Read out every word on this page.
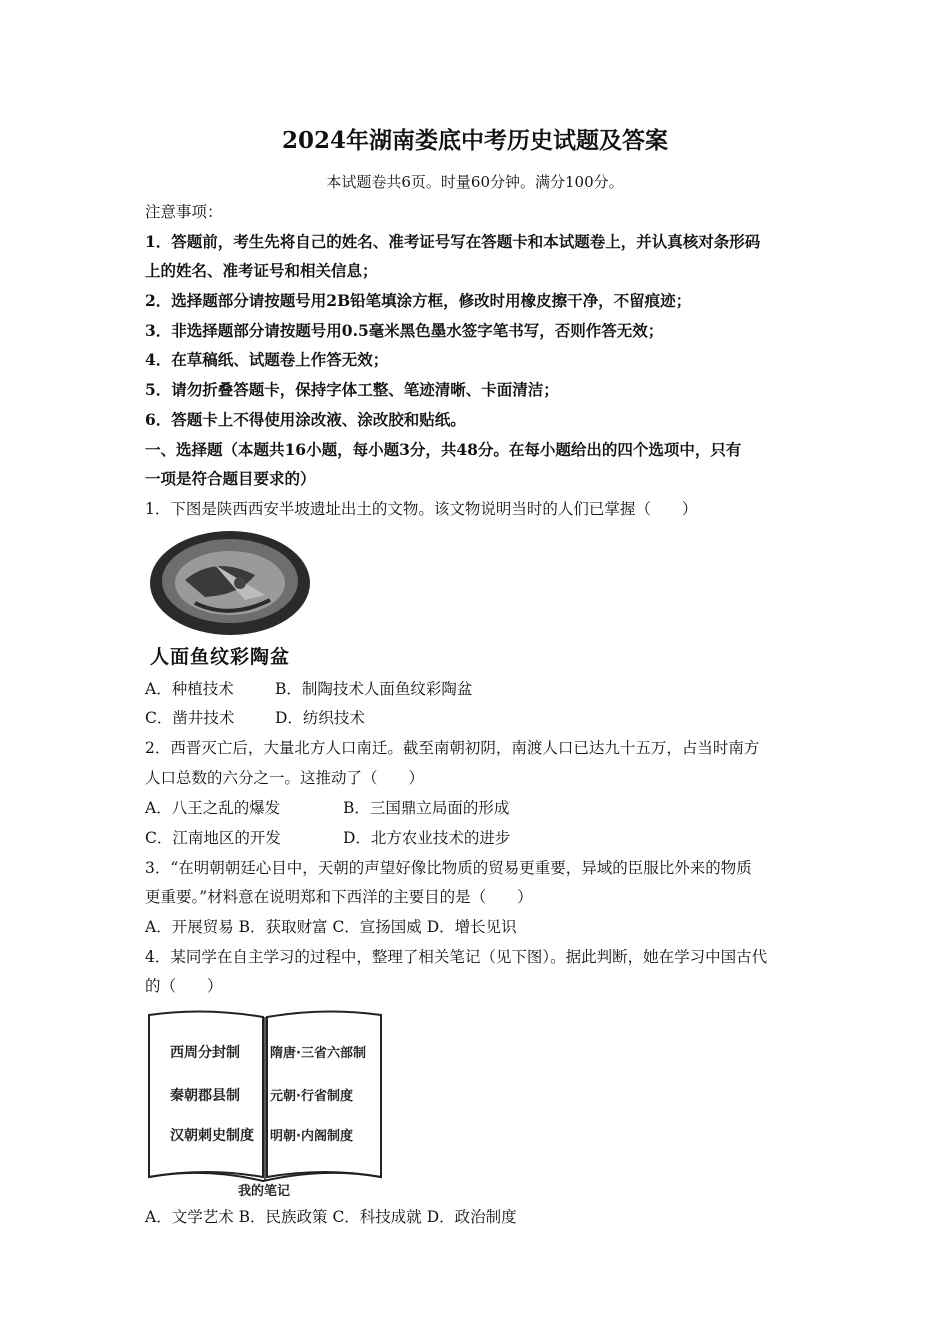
2024年湖南娄底中考历史试题及答案
本试题卷共6页。时量60分钟。满分100分。
注意事项：
1．答题前，考生先将自己的姓名、准考证号写在答题卡和本试题卷上，并认真核对条形码
上的姓名、准考证号和相关信息；
2．选择题部分请按题号用2B铅笔填涂方框，修改时用橡皮擦干净，不留痕迹；
3．非选择题部分请按题号用0.5毫米黑色墨水签字笔书写，否则作答无效；
4．在草稿纸、试题卷上作答无效；
5．请勿折叠答题卡，保持字体工整、笔迹清晰、卡面清洁；
6．答题卡上不得使用涂改液、涂改胶和贴纸。
一、选择题（本题共16小题，每小题3分，共48分。在每小题给出的四个选项中，只有
一项是符合题目要求的）
1．下图是陕西西安半坡遗址出土的文物。该文物说明当时的人们已掌握（　　）
人面鱼纹彩陶盆
A．种植技术	B．制陶技术人面鱼纹彩陶盆
C．凿井技术	D．纺织技术
2．西晋灭亡后，大量北方人口南迁。截至南朝初阴，南渡人口已达九十五万，占当时南方
人口总数的六分之一。这推动了（　　）
A．八王之乱的爆发	B．三国鼎立局面的形成
C．江南地区的开发	D．北方农业技术的进步
3．“在明朝朝廷心目中，天朝的声望好像比物质的贸易更重要，异域的臣服比外来的物质
更重要。”材料意在说明郑和下西洋的主要目的是（　　）
A．开展贸易 B．获取财富 C．宣扬国威 D．增长见识
4．某同学在自主学习的过程中，整理了相关笔记（见下图）。据此判断，她在学习中国古代
的（　　）
西周分封制
秦朝郡县制
汉朝刺史制度
隋唐·三省六部制
元朝·行省制度
明朝·内阁制度
我的笔记
A．文学艺术 B．民族政策 C．科技成就 D．政治制度
